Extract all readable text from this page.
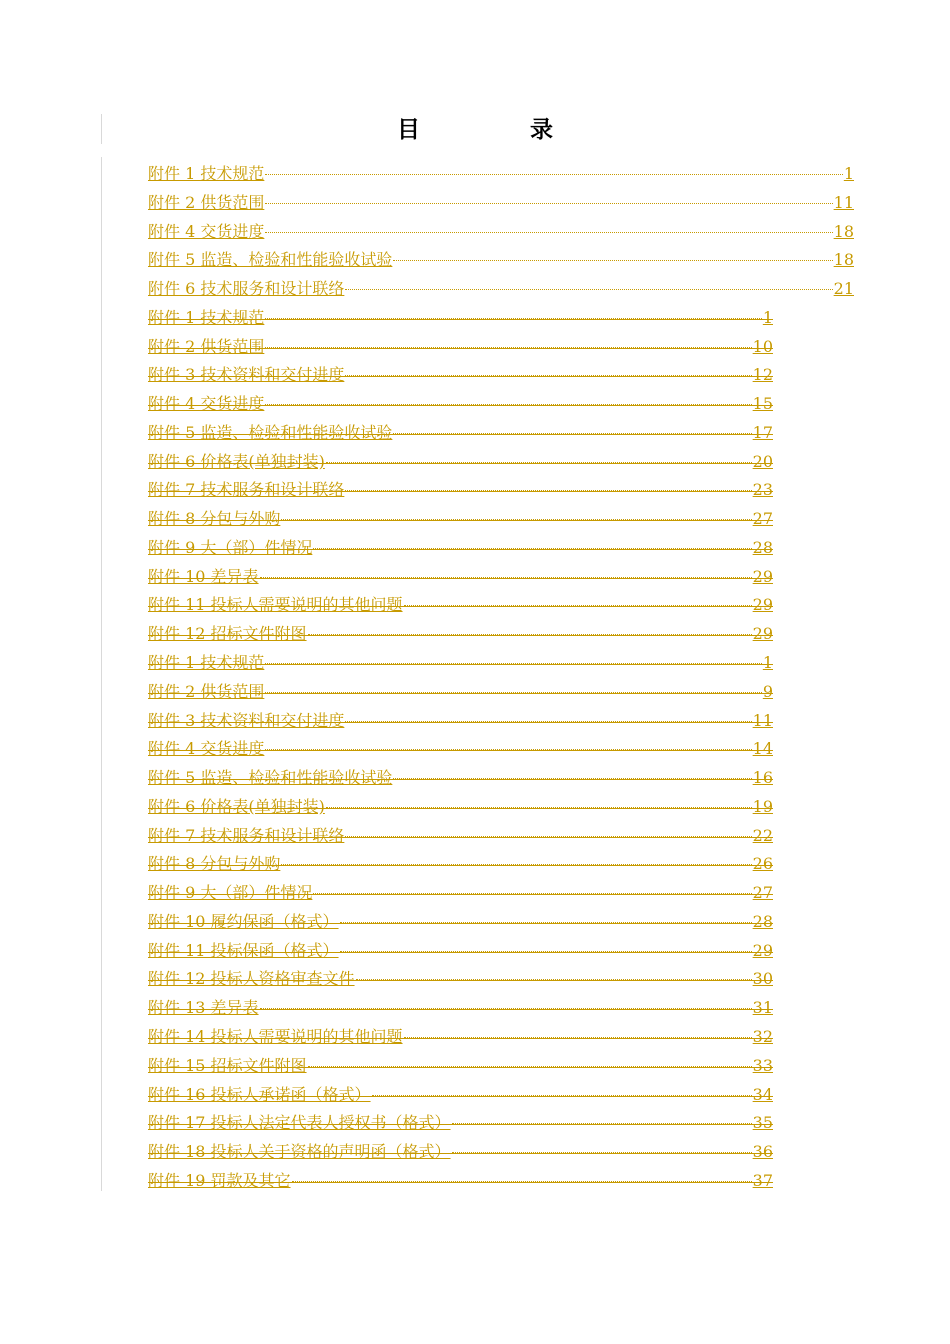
目	录
附件 1 技术规范	1
附件 2 供货范围	11
附件 4 交货进度	18
附件 5 监造、检验和性能验收试验	18
附件 6 技术服务和设计联络	21
附件 1 技术规范	1
附件 2 供货范围	10
附件 3 技术资料和交付进度	12
附件 4 交货进度	15
附件 5 监造、检验和性能验收试验	17
附件 6 价格表(单独封装)	20
附件 7 技术服务和设计联络	23
附件 8 分包与外购	27
附件 9 大（部）件情况	28
附件 10 差异表	29
附件 11 投标人需要说明的其他问题	29
附件 12 招标文件附图	29
附件 1 技术规范	1
附件 2 供货范围	9
附件 3 技术资料和交付进度	11
附件 4 交货进度	14
附件 5 监造、检验和性能验收试验	16
附件 6 价格表(单独封装)	19
附件 7 技术服务和设计联络	22
附件 8 分包与外购	26
附件 9 大（部）件情况	27
附件 10 履约保函（格式）	28
附件 11 投标保函（格式）	29
附件 12 投标人资格审查文件	30
附件 13 差异表	31
附件 14 投标人需要说明的其他问题	32
附件 15 招标文件附图	33
附件 16 投标人承诺函（格式）	34
附件 17 投标人法定代表人授权书（格式）	35
附件 18 投标人关于资格的声明函（格式）	36
附件 19 罚款及其它	37
